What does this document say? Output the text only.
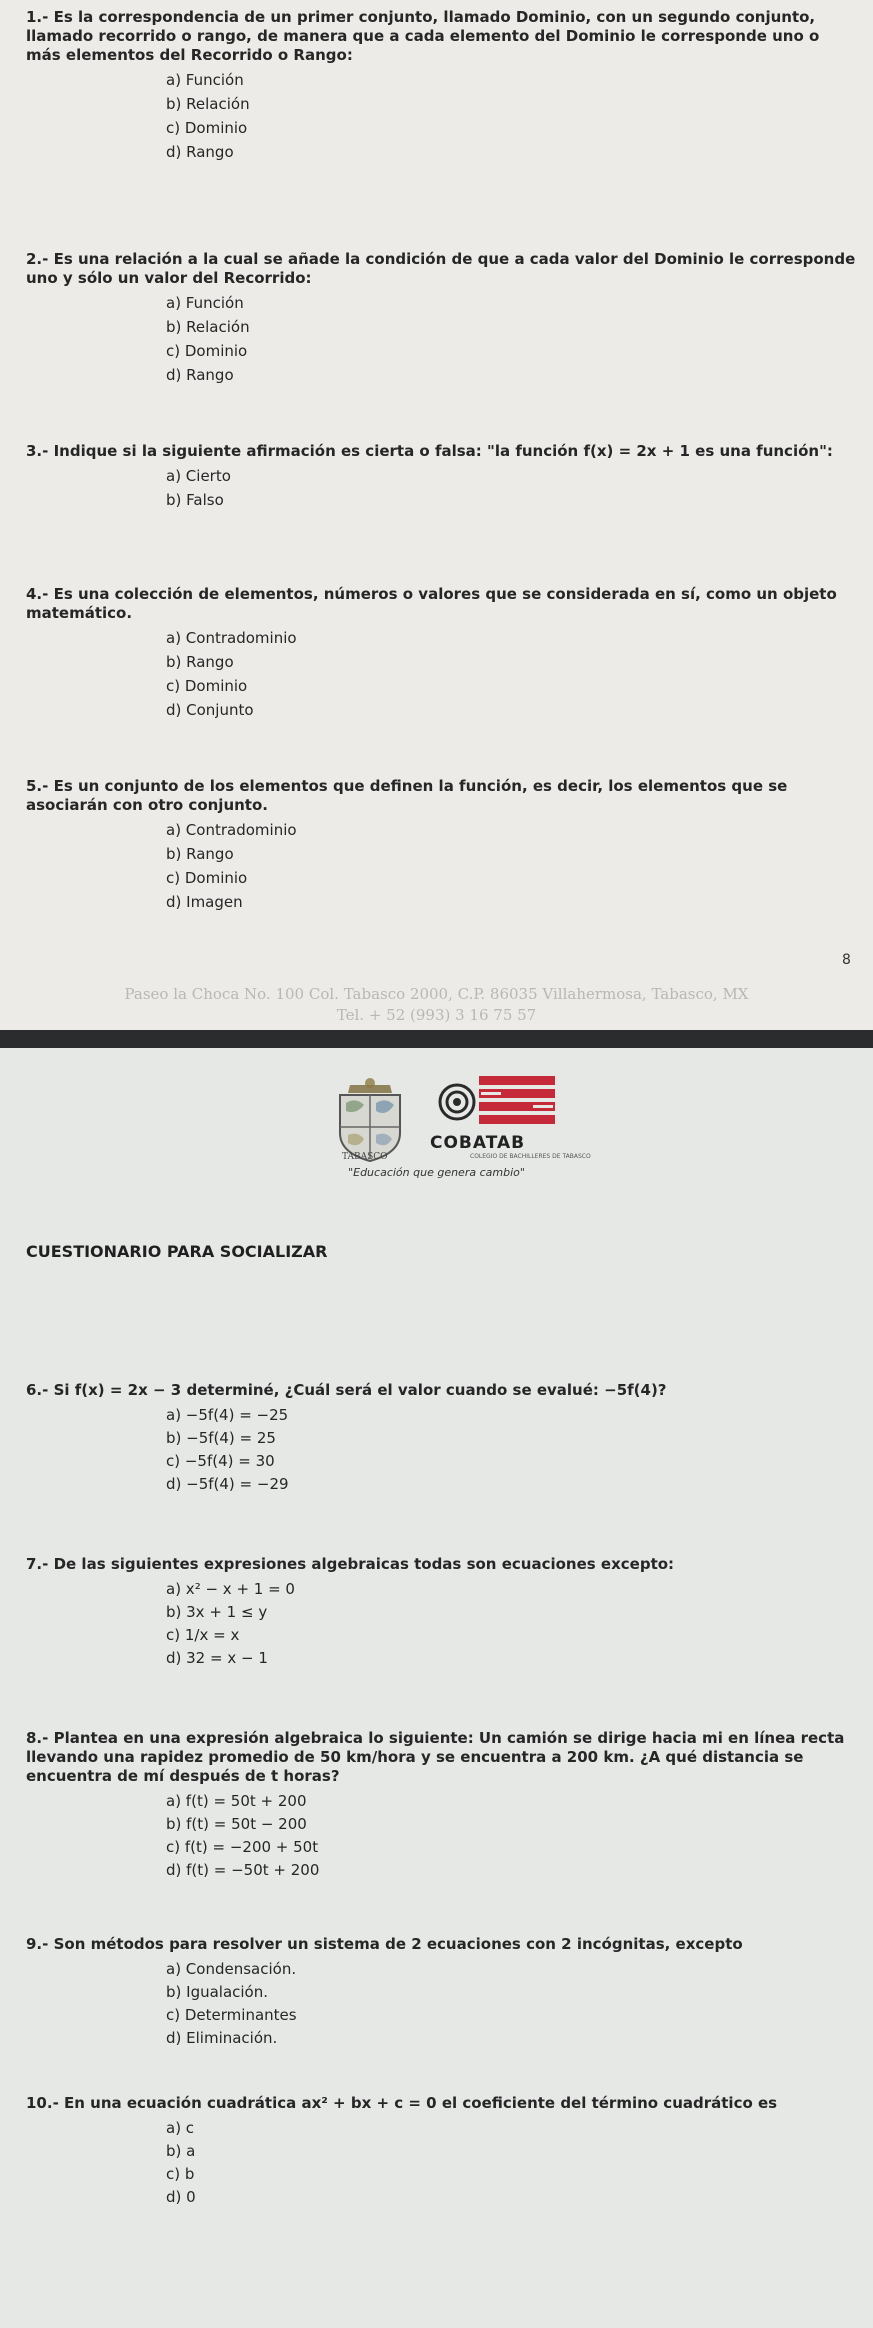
1.- Es la correspondencia de un primer conjunto, llamado Dominio, con un segundo conjunto, llamado recorrido o rango, de manera que a cada elemento del Dominio le corresponde uno o más elementos del Recorrido o Rango:
a) Función
b) Relación
c) Dominio
d) Rango
2.- Es una relación a la cual se añade la condición de que a cada valor del Dominio le corresponde uno y sólo un valor del Recorrido:
a) Función
b) Relación
c) Dominio
d) Rango
3.- Indique si la siguiente afirmación es cierta o falsa: "la función f(x) = 2x + 1 es una función":
a) Cierto
b) Falso
4.- Es una colección de elementos, números o valores que se considerada en sí, como un objeto matemático.
a) Contradominio
b) Rango
c) Dominio
d) Conjunto
5.- Es un conjunto de los elementos que definen la función, es decir, los elementos que se asociarán con otro conjunto.
a) Contradominio
b) Rango
c) Dominio
d) Imagen
8
Paseo la Choca No. 100 Col. Tabasco 2000, C.P. 86035 Villahermosa, Tabasco, MX
Tel. + 52 (993) 3 16 75 57
TABASCO
COBATAB
COLEGIO DE BACHILLERES DE TABASCO
"Educación que genera cambio"
CUESTIONARIO PARA SOCIALIZAR
6.- Si f(x) = 2x − 3 determiné, ¿Cuál será el valor cuando se evalué: −5f(4)?
a) −5f(4) = −25
b) −5f(4) = 25
c) −5f(4) = 30
d) −5f(4) = −29
7.- De las siguientes expresiones algebraicas todas son ecuaciones excepto:
a) x² − x + 1 = 0
b) 3x + 1 ≤ y
c) 1/x = x
d) 32 = x − 1
8.- Plantea en una expresión algebraica lo siguiente: Un camión se dirige hacia mi en línea recta llevando una rapidez promedio de 50 km/hora y se encuentra a 200 km. ¿A qué distancia se encuentra de mí después de t horas?
a) f(t) = 50t + 200
b) f(t) = 50t − 200
c) f(t) = −200 + 50t
d) f(t) = −50t + 200
9.- Son métodos para resolver un sistema de 2 ecuaciones con 2 incógnitas, excepto
a) Condensación.
b) Igualación.
c) Determinantes
d) Eliminación.
10.- En una ecuación cuadrática ax² + bx + c = 0 el coeficiente del término cuadrático es
a) c
b) a
c) b
d) 0
